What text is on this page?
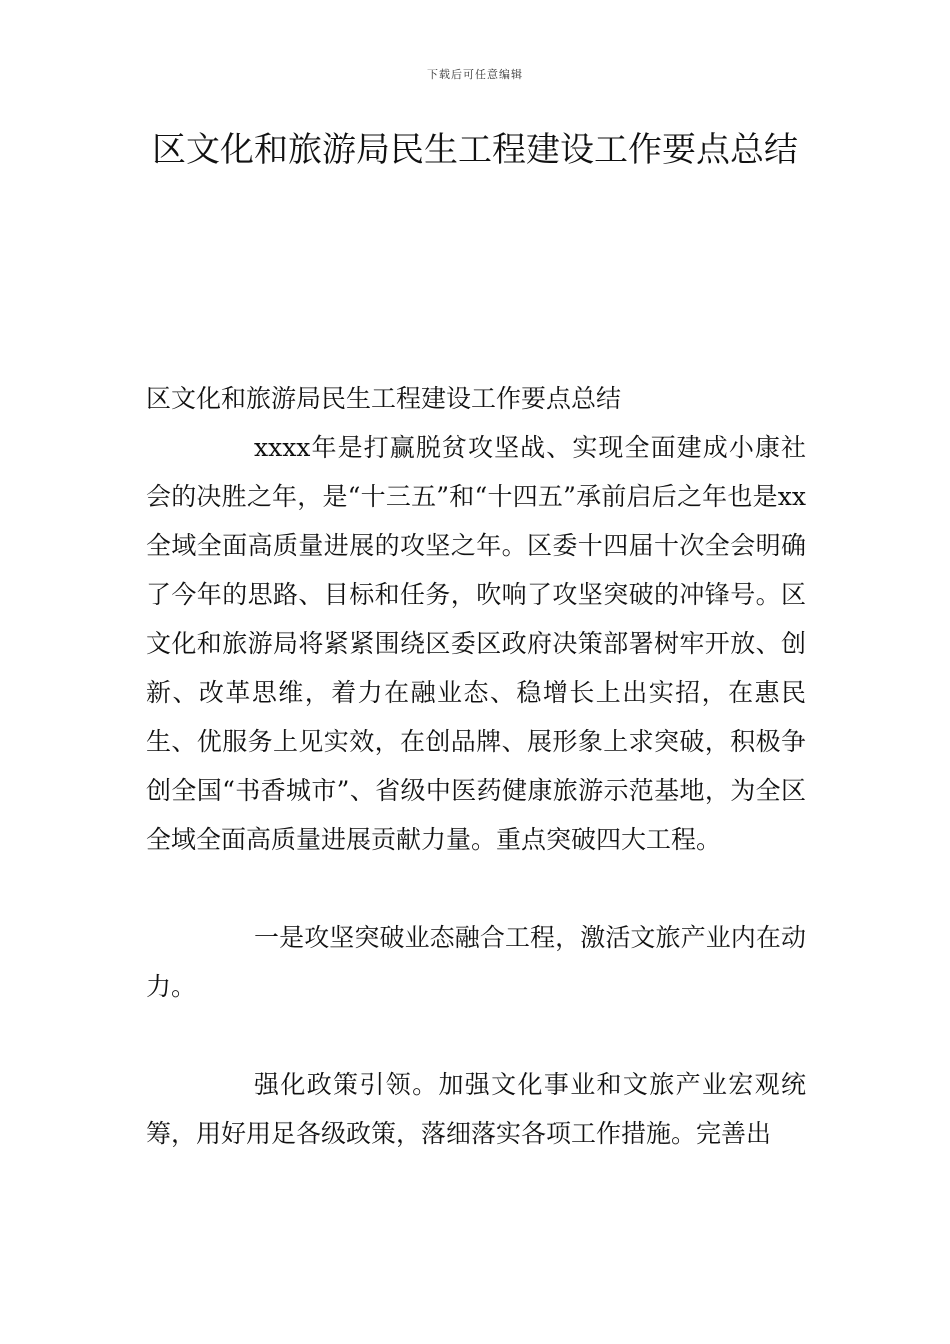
下载后可任意编辑
区文化和旅游局民生工程建设工作要点总结

区文化和旅游局民生工程建设工作要点总结

xxxx年是打赢脱贫攻坚战、实现全面建成小康社会的决胜之年，是“十三五”和“十四五”承前启后之年也是xx全域全面高质量进展的攻坚之年。区委十四届十次全会明确了今年的思路、目标和任务，吹响了攻坚突破的冲锋号。区文化和旅游局将紧紧围绕区委区政府决策部署树牢开放、创新、改革思维，着力在融业态、稳增长上出实招，在惠民生、优服务上见实效，在创品牌、展形象上求突破，积极争创全国“书香城市”、省级中医药健康旅游示范基地，为全区全域全面高质量进展贡献力量。重点突破四大工程。

一是攻坚突破业态融合工程，激活文旅产业内在动力。

强化政策引领。加强文化事业和文旅产业宏观统筹，用好用足各级政策，落细落实各项工作措施。完善出
